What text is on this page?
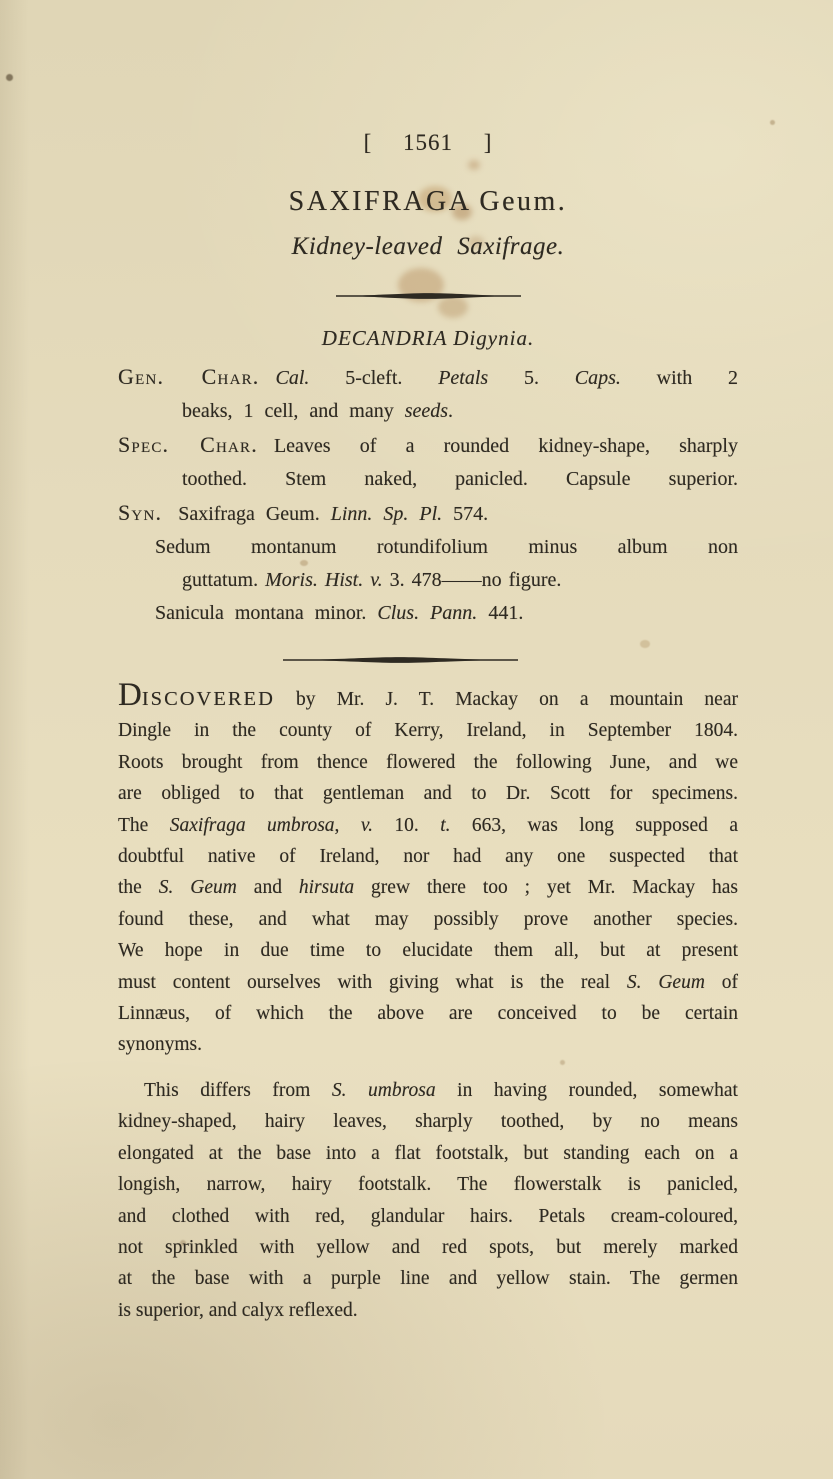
[ 1561 ]
SAXIFRAGA Geum.
Kidney-leaved Saxifrage.
DECANDRIA Digynia.
Gen. Char. Cal. 5-cleft. Petals 5. Caps. with 2
beaks, 1 cell, and many seeds.
Spec. Char. Leaves of a rounded kidney-shape, sharply
toothed. Stem naked, panicled. Capsule superior.
Syn. Saxifraga Geum. Linn. Sp. Pl. 574.
Sedum montanum rotundifolium minus album non
guttatum. Moris. Hist. v. 3. 478——no figure.
Sanicula montana minor. Clus. Pann. 441.
DISCOVERED by Mr. J. T. Mackay on a mountain near
Dingle in the county of Kerry, Ireland, in September 1804.
Roots brought from thence flowered the following June, and we
are obliged to that gentleman and to Dr. Scott for specimens.
The Saxifraga umbrosa, v. 10. t. 663, was long supposed a
doubtful native of Ireland, nor had any one suspected that
the S. Geum and hirsuta grew there too ; yet Mr. Mackay has
found these, and what may possibly prove another species.
We hope in due time to elucidate them all, but at present
must content ourselves with giving what is the real S. Geum of
Linnæus, of which the above are conceived to be certain
synonyms.
This differs from S. umbrosa in having rounded, somewhat
kidney-shaped, hairy leaves, sharply toothed, by no means
elongated at the base into a flat footstalk, but standing each on a
longish, narrow, hairy footstalk. The flowerstalk is panicled,
and clothed with red, glandular hairs. Petals cream-coloured,
not sprinkled with yellow and red spots, but merely marked
at the base with a purple line and yellow stain. The germen
is superior, and calyx reflexed.
